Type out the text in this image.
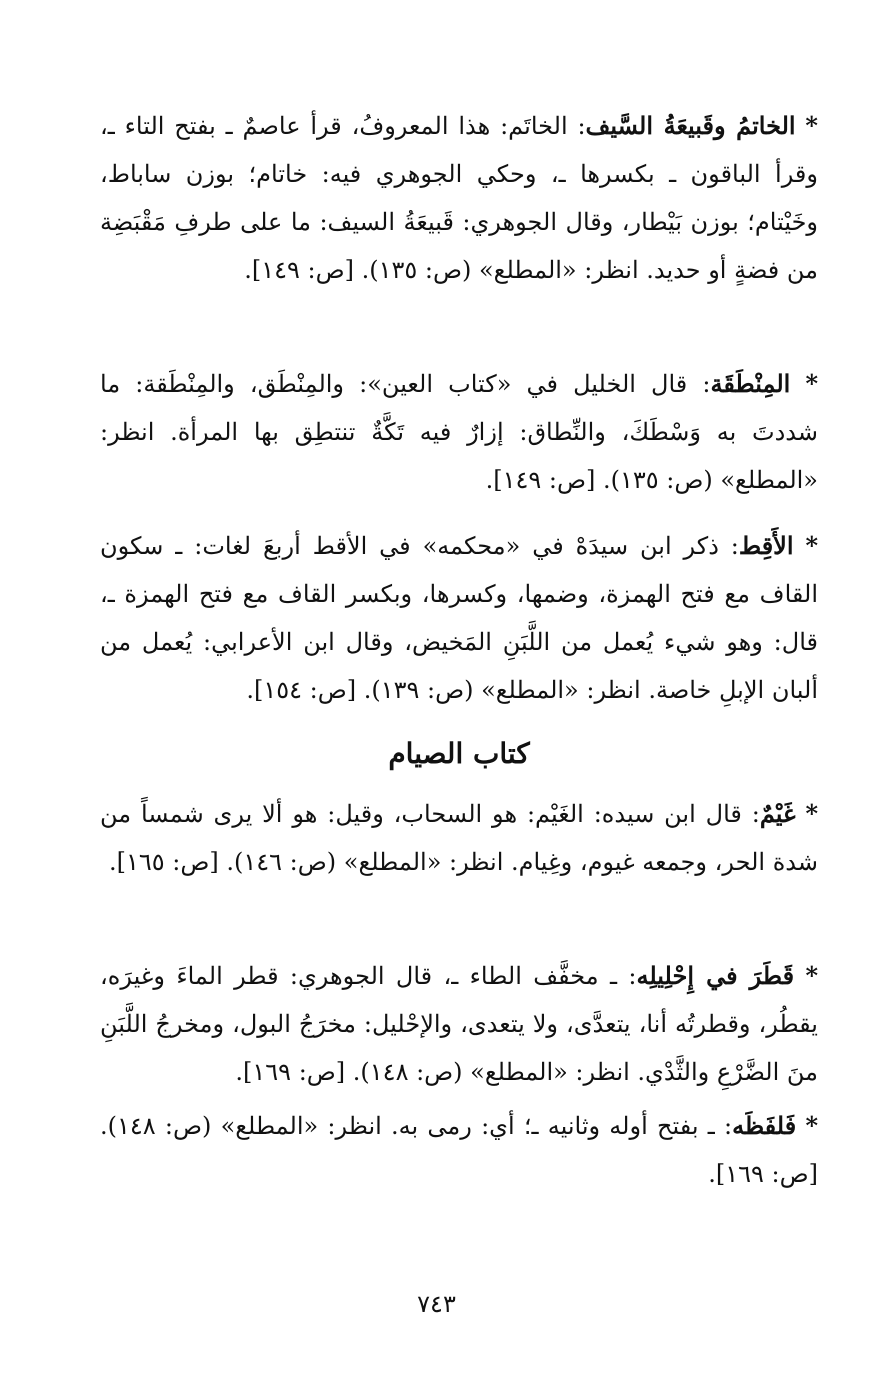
* الخاتمُ وقَبيعَةُ السَّيف: الخاتَم: هذا المعروفُ، قرأ عاصمٌ ـ بفتح التاء ـ، وقرأ الباقون ـ بكسرها ـ، وحكي الجوهري فيه: خاتام؛ بوزن ساباط، وخَيْتام؛ بوزن بَيْطار، وقال الجوهري: قَبيعَةُ السيف: ما على طرفِ مَقْبَضِة من فضةٍ أو حديد. انظر: «المطلع» (ص: ١٣٥). [ص: ١٤٩].

* المِنْطَقَة: قال الخليل في «كتاب العين»: والمِنْطَق، والمِنْطَقة: ما شددتَ به وَسْطَكَ، والنِّطاق: إزارٌ فيه تَكَّةٌ تنتطِق بها المرأة. انظر: «المطلع» (ص: ١٣٥). [ص: ١٤٩].

* الأَقِط: ذكر ابن سيدَهْ في «محكمه» في الأقط أربعَ لغات: ـ سكون القاف مع فتح الهمزة، وضمها، وكسرها، وبكسر القاف مع فتح الهمزة ـ، قال: وهو شيء يُعمل من اللَّبَنِ المَخيض، وقال ابن الأعرابي: يُعمل من ألبان الإبلِ خاصة. انظر: «المطلع» (ص: ١٣٩). [ص: ١٥٤].

كتاب الصيام

* غَيْمٌ: قال ابن سيده: الغَيْم: هو السحاب، وقيل: هو ألا يرى شمساً من شدة الحر، وجمعه غيوم، وغِيام. انظر: «المطلع» (ص: ١٤٦). [ص: ١٦٥].

* قَطَرَ في إِحْلِيلِه: ـ مخفَّف الطاء ـ، قال الجوهري: قطر الماءَ وغيرَه، يقطُر، وقطرتُه أنا، يتعدَّى، ولا يتعدى، والإحْليل: مخرَجُ البول، ومخرجُ اللَّبَنِ منَ الضَّرْعِ والثَّدْي. انظر: «المطلع» (ص: ١٤٨). [ص: ١٦٩].

* فَلفَظَه: ـ بفتح أوله وثانيه ـ؛ أي: رمى به. انظر: «المطلع» (ص: ١٤٨). [ص: ١٦٩].

٧٤٣
